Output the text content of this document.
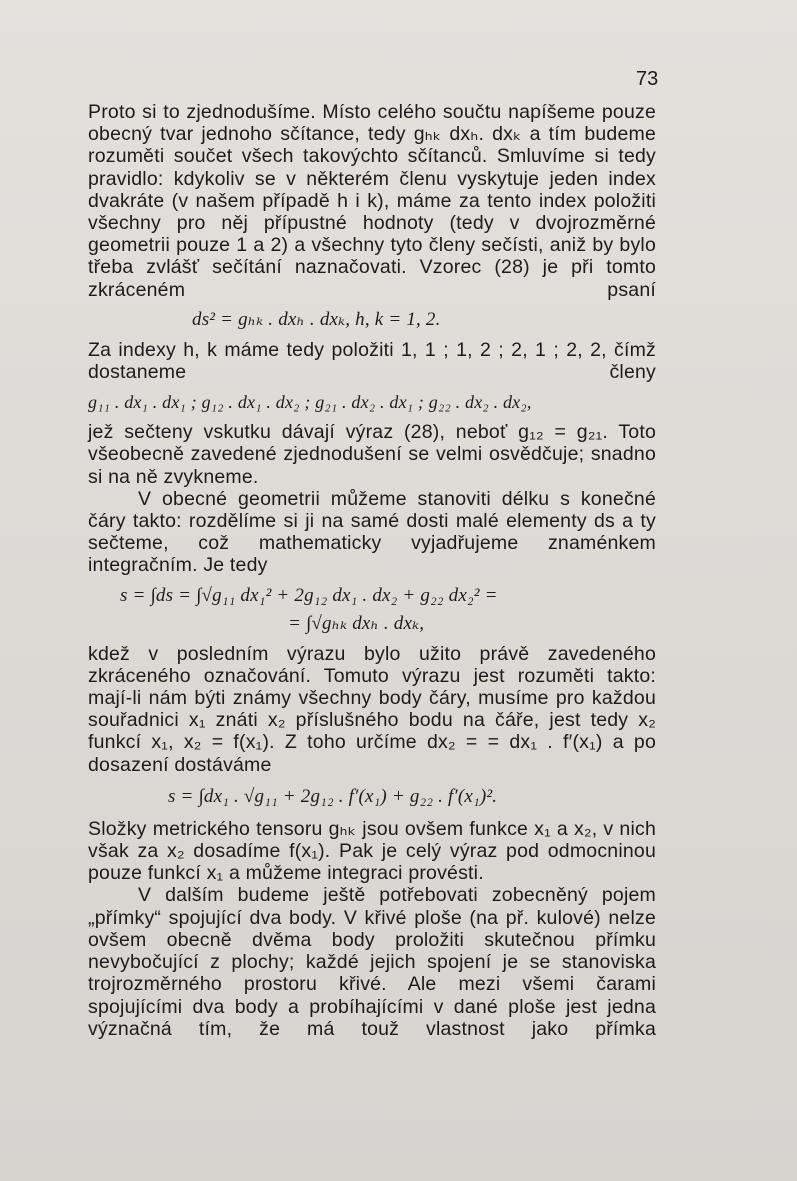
73

Proto si to zjednodušíme. Místo celého součtu napíšeme pouze obecný tvar jednoho sčítance, tedy gₕₖ dxₕ. dxₖ a tím budeme rozuměti součet všech takovýchto sčítanců. Smluvíme si tedy pravidlo: kdykoliv se v některém členu vyskytuje jeden index dvakráte (v našem případě h i k), máme za tento index položiti všechny pro něj přípustné hodnoty (tedy v dvojrozměrné geometrii pouze 1 a 2) a všechny tyto členy sečísti, aniž by bylo třeba zvlášť sečítání naznačovati. Vzorec (28) je při tomto zkráceném psaní

ds² = gₕₖ . dxₕ . dxₖ, h, k = 1, 2.

Za indexy h, k máme tedy položiti 1, 1 ; 1, 2 ; 2, 1 ; 2, 2, čímž dostaneme členy

g₁₁ . dx₁ . dx₁ ; g₁₂ . dx₁ . dx₂ ; g₂₁ . dx₂ . dx₁ ; g₂₂ . dx₂ . dx₂,

jež sečteny vskutku dávají výraz (28), neboť g₁₂ = g₂₁. Toto všeobecně zavedené zjednodušení se velmi osvědčuje; snadno si na ně zvykneme.

V obecné geometrii můžeme stanoviti délku s konečné čáry takto: rozdělíme si ji na samé dosti malé elementy ds a ty sečteme, což mathematicky vyjadřujeme znaménkem integračním. Je tedy

s = ∫ds = ∫√g₁₁ dx₁² + 2g₁₂ dx₁ . dx₂ + g₂₂ dx₂² =
= ∫√gₕₖ dxₕ . dxₖ,

kdež v posledním výrazu bylo užito právě zavedeného zkráceného označování. Tomuto výrazu jest rozuměti takto: mají-li nám býti známy všechny body čáry, musíme pro každou souřadnici x₁ znáti x₂ příslušného bodu na čáře, jest tedy x₂ funkcí x₁, x₂ = f(x₁). Z toho určíme dx₂ = = dx₁ . f′(x₁) a po dosazení dostáváme

s = ∫dx₁ . √g₁₁ + 2g₁₂ . f′(x₁) + g₂₂ . f′(x₁)².

Složky metrického tensoru gₕₖ jsou ovšem funkce x₁ a x₂, v nich však za x₂ dosadíme f(x₁). Pak je celý výraz pod odmocninou pouze funkcí x₁ a můžeme integraci provésti.

V dalším budeme ještě potřebovati zobecněný pojem „přímky“ spojující dva body. V křivé ploše (na př. kulové) nelze ovšem obecně dvěma body proložiti skutečnou přímku nevybočující z plochy; každé jejich spojení je se stanoviska trojrozměrného prostoru křivé. Ale mezi všemi čarami spojujícími dva body a probíhajícími v dané ploše jest jedna význačná tím, že má touž vlastnost jako přímka
